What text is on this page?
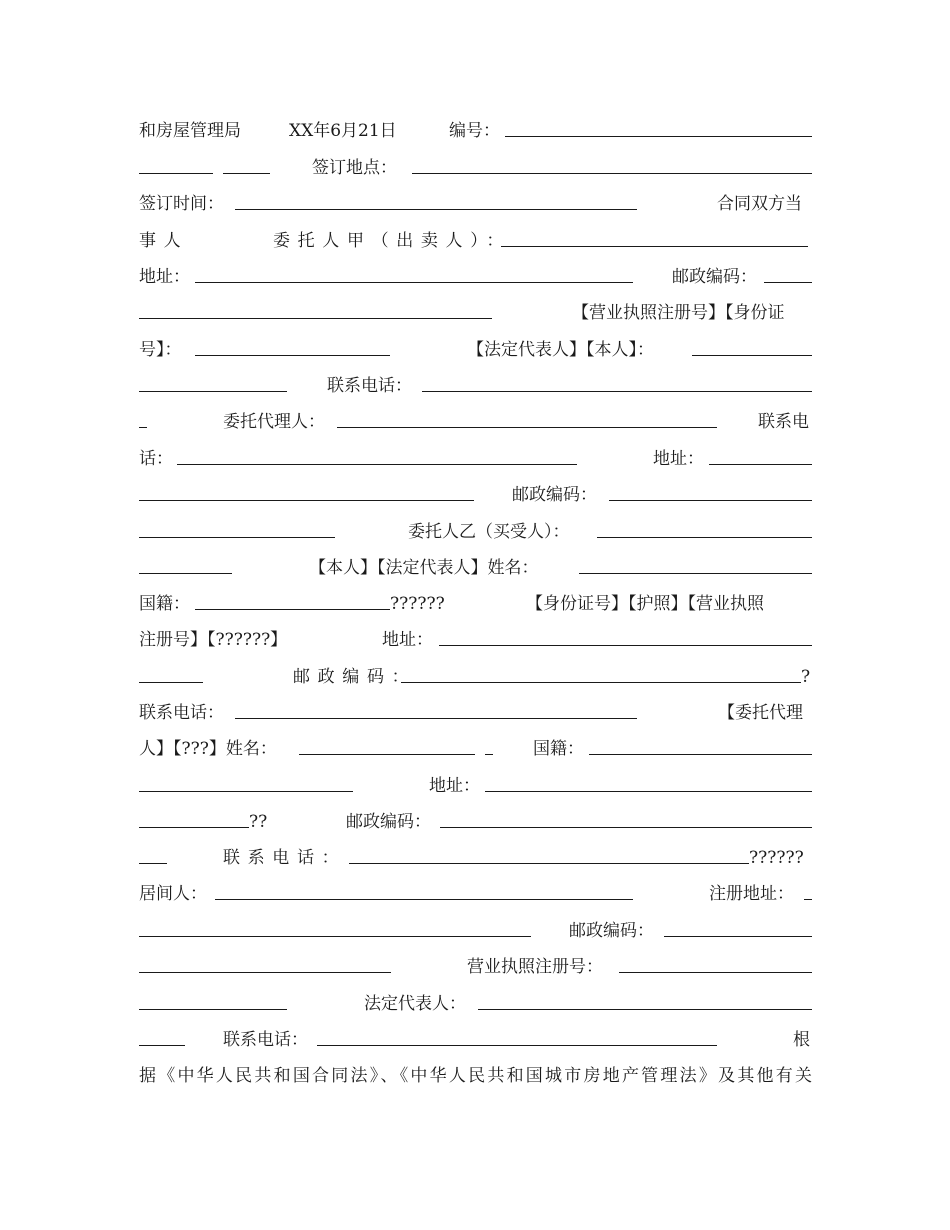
和房屋管理局	XX年6月21日	编号：
签订地点：
签订时间：	合同双方当
事人	委托人甲（出卖人）：
地址：	邮政编码：
【营业执照注册号】【身份证
号】：	【法定代表人】【本人】：
联系电话：
委托代理人：	联系电
话：	地址：
邮政编码：
委托人乙（买受人）：
【本人】【法定代表人】姓名：
国籍：	??????	【身份证号】【护照】【营业执照
注册号】【??????】	地址：
邮政编码：	?
联系电话：	【委托代理
人】【???】姓名：	国籍：
地址：
??	邮政编码：
联系电话：	??????
居间人：	注册地址：
邮政编码：
营业执照注册号：
法定代表人：
联系电话：	根
据《中华人民共和国合同法》、《中华人民共和国城市房地产管理法》及其他有关
